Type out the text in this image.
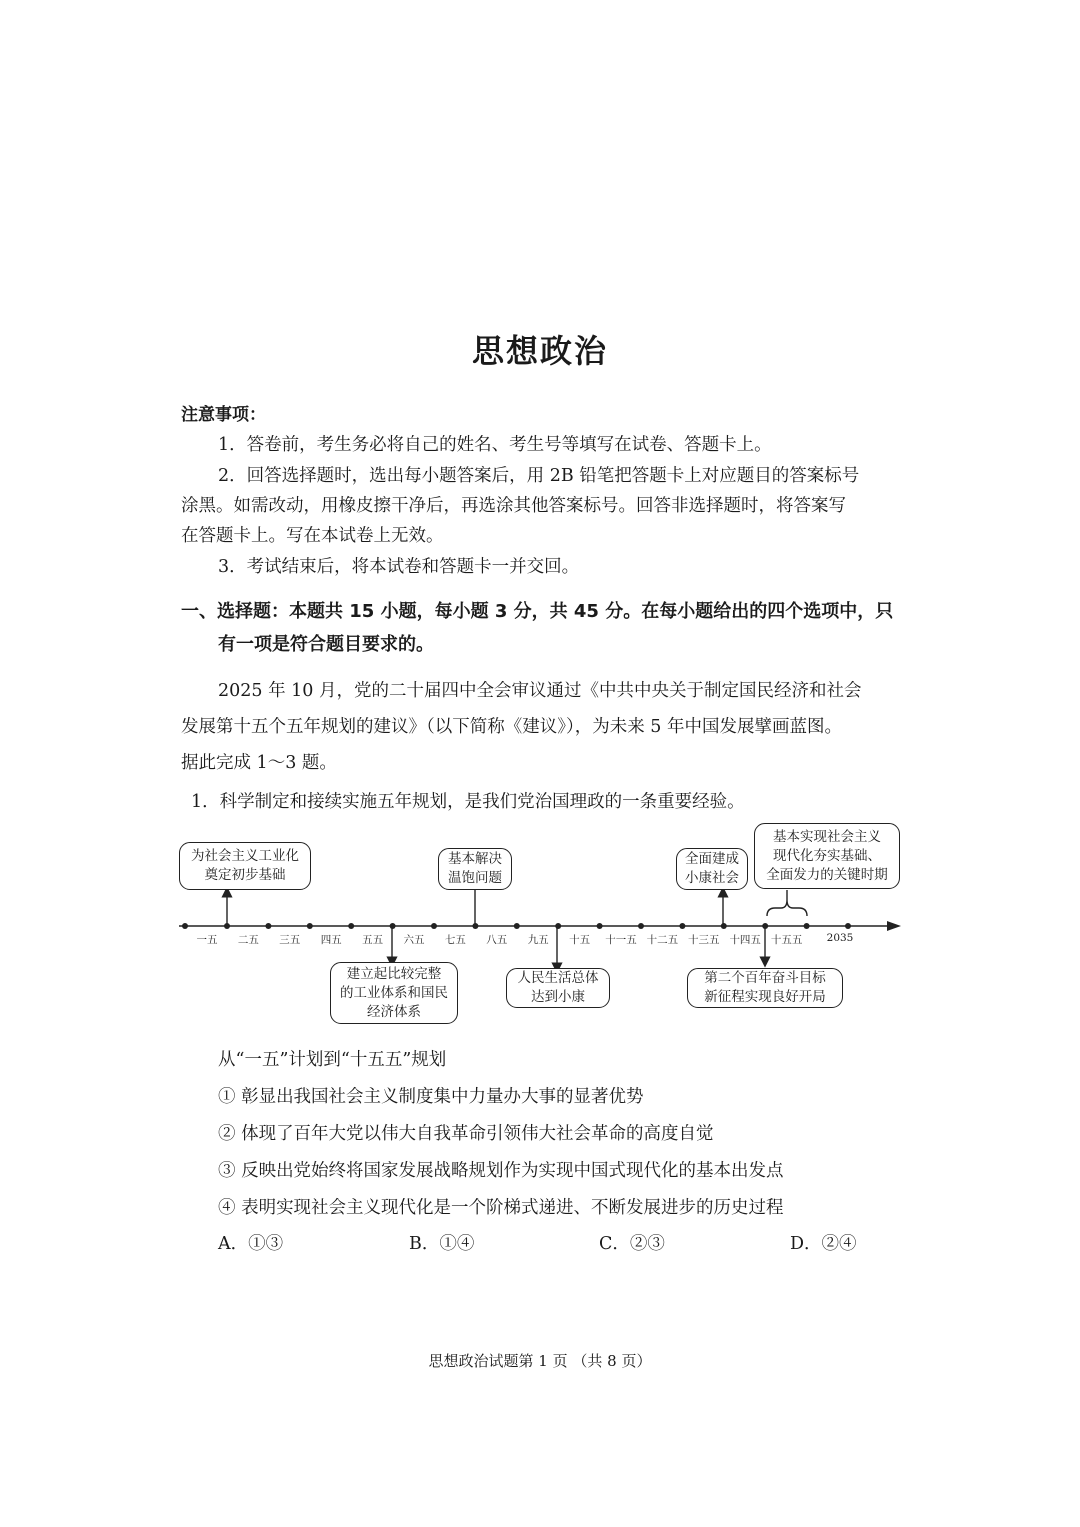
思想政治
注意事项：
1．答卷前，考生务必将自己的姓名、考生号等填写在试卷、答题卡上。
2．回答选择题时，选出每小题答案后，用 2B 铅笔把答题卡上对应题目的答案标号
涂黑。如需改动，用橡皮擦干净后，再选涂其他答案标号。回答非选择题时，将答案写
在答题卡上。写在本试卷上无效。
3．考试结束后，将本试卷和答题卡一并交回。
一、选择题：本题共 15 小题，每小题 3 分，共 45 分。在每小题给出的四个选项中，只
有一项是符合题目要求的。
2025 年 10 月，党的二十届四中全会审议通过《中共中央关于制定国民经济和社会
发展第十五个五年规划的建议》（以下简称《建议》），为未来 5 年中国发展擘画蓝图。
据此完成 1～3 题。
1．科学制定和接续实施五年规划，是我们党治国理政的一条重要经验。
为社会主义工业化
奠定初步基础
基本解决
温饱问题
全面建成
小康社会
基本实现社会主义
现代化夯实基础、
全面发力的关键时期
建立起比较完整
的工业体系和国民
经济体系
人民生活总体
达到小康
第二个百年奋斗目标
新征程实现良好开局
一五 二五 三五 四五 五五 六五 七五 八五 九五 十五 十一五 十二五 十三五 十四五 十五五 2035
从“一五”计划到“十五五”规划
① 彰显出我国社会主义制度集中力量办大事的显著优势
② 体现了百年大党以伟大自我革命引领伟大社会革命的高度自觉
③ 反映出党始终将国家发展战略规划作为实现中国式现代化的基本出发点
④ 表明实现社会主义现代化是一个阶梯式递进、不断发展进步的历史过程
A．①③	B．①④	C．②③	D．②④
思想政治试题第 1 页 （共 8 页）
